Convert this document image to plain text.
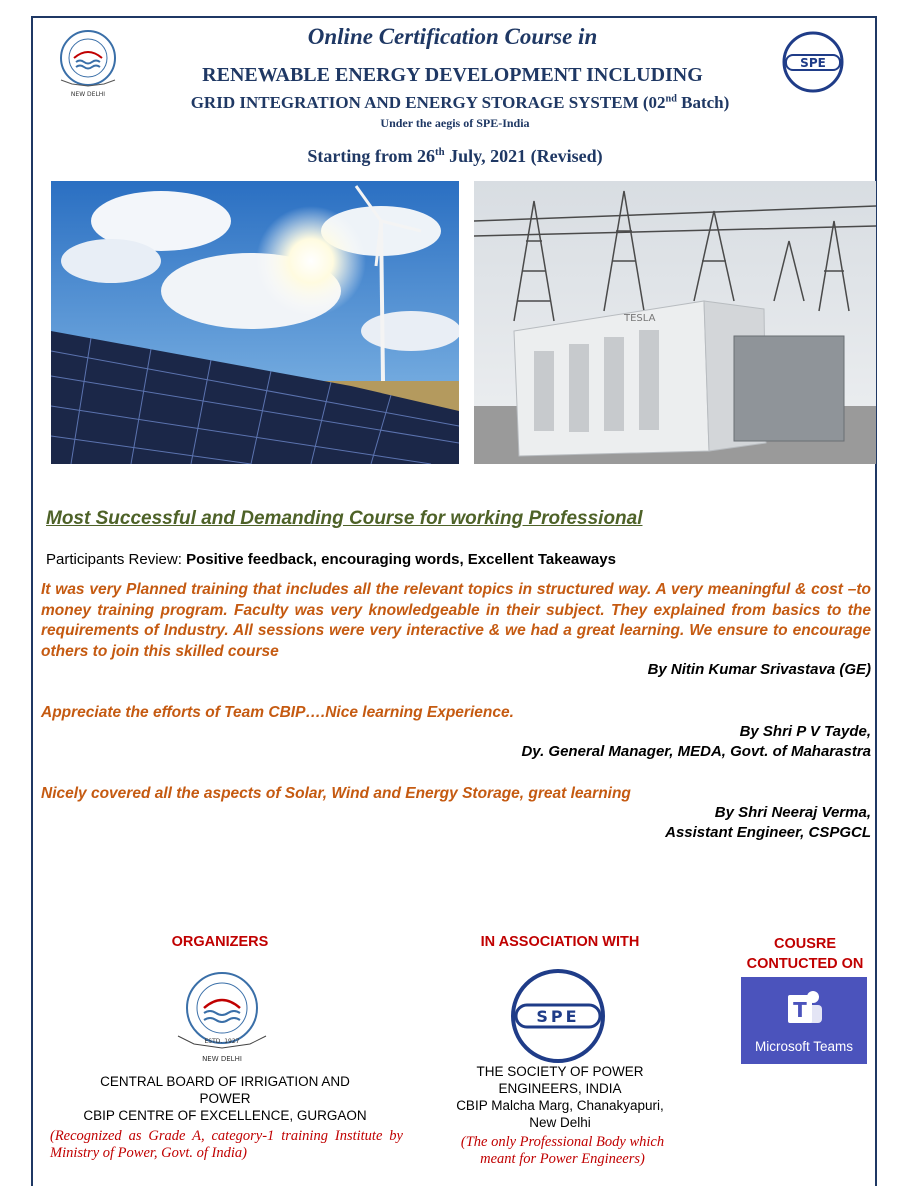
NEW DELHI
SPE
Online Certification Course in
RENEWABLE ENERGY DEVELOPMENT INCLUDING
GRID INTEGRATION AND ENERGY STORAGE SYSTEM (02nd Batch)
Under the aegis of SPE-India
Starting from 26th July, 2021 (Revised)
TESLA
Most Successful and Demanding Course for working Professional
Participants Review: Positive feedback, encouraging words, Excellent Takeaways
It was very Planned training that includes all the relevant topics in structured way. A very meaningful & cost –to money training program. Faculty was very knowledgeable in their subject. They explained from basics to the requirements of Industry. All sessions were very interactive & we had a great learning. We ensure to encourage others to join this skilled course
By Nitin Kumar Srivastava (GE)
Appreciate the efforts of Team CBIP….Nice learning Experience.
By Shri P V Tayde,
Dy. General Manager, MEDA, Govt. of Maharastra
Nicely covered all the aspects of Solar, Wind and Energy Storage, great learning
By Shri Neeraj Verma,
Assistant Engineer, CSPGCL
ORGANIZERS
ESTD. 1927
NEW DELHI
CENTRAL BOARD OF IRRIGATION AND
POWER
CBIP CENTRE OF EXCELLENCE, GURGAON
(Recognized as Grade A, category-1 training Institute by Ministry of Power, Govt. of India)
IN ASSOCIATION WITH
SPE
THE SOCIETY OF POWER
ENGINEERS, INDIA
CBIP Malcha Marg, Chanakyapuri,
New Delhi
(The only Professional Body which
meant for Power Engineers)
COUSRE
CONTUCTED ON
T
Microsoft Teams
